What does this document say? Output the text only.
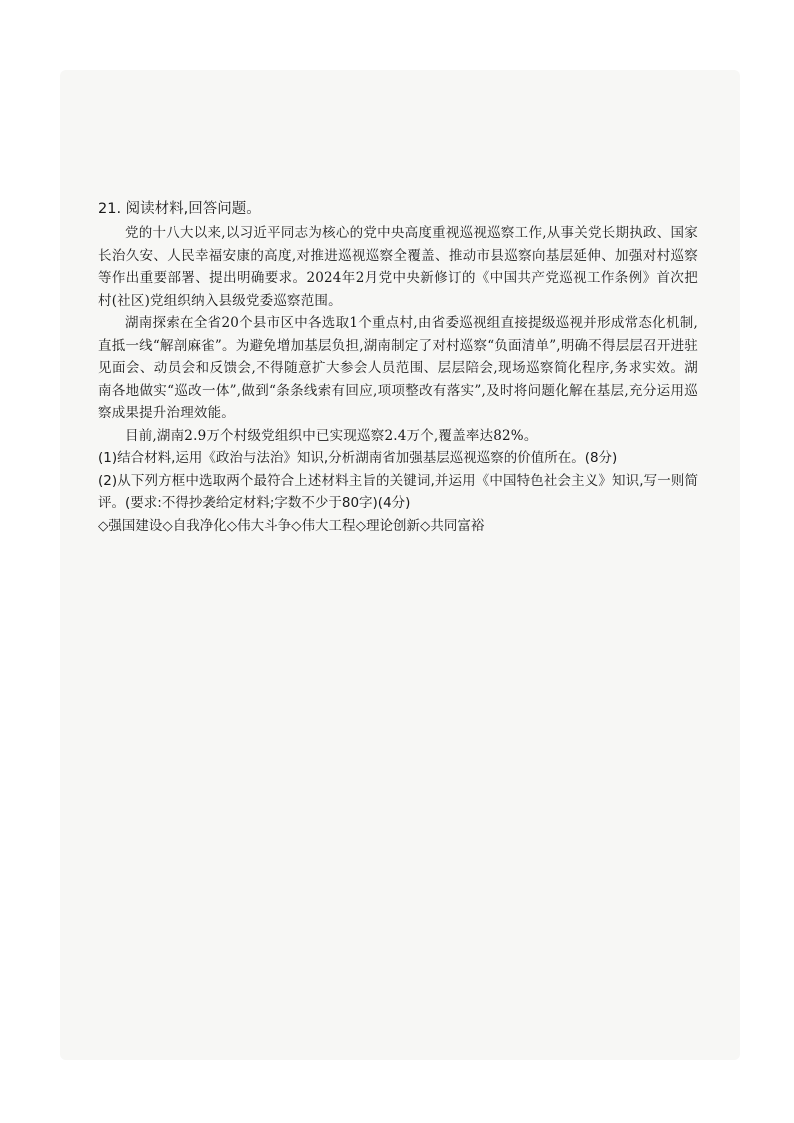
21. 阅读材料,回答问题。

党的十八大以来,以习近平同志为核心的党中央高度重视巡视巡察工作,从事关党长期执政、国家长治久安、人民幸福安康的高度,对推进巡视巡察全覆盖、推动市县巡察向基层延伸、加强对村巡察等作出重要部署、提出明确要求。2024年2月党中央新修订的《中国共产党巡视工作条例》首次把村(社区)党组织纳入县级党委巡察范围。

湖南探索在全省20个县市区中各选取1个重点村,由省委巡视组直接提级巡视并形成常态化机制,直抵一线“解剖麻雀”。为避免增加基层负担,湖南制定了对村巡察“负面清单”,明确不得层层召开进驻见面会、动员会和反馈会,不得随意扩大参会人员范围、层层陪会,现场巡察简化程序,务求实效。湖南各地做实“巡改一体”,做到“条条线索有回应,项项整改有落实”,及时将问题化解在基层,充分运用巡察成果提升治理效能。

目前,湖南2.9万个村级党组织中已实现巡察2.4万个,覆盖率达82%。

(1)结合材料,运用《政治与法治》知识,分析湖南省加强基层巡视巡察的价值所在。(8分)

(2)从下列方框中选取两个最符合上述材料主旨的关键词,并运用《中国特色社会主义》知识,写一则简评。(要求:不得抄袭给定材料;字数不少于80字)(4分)

◇强国建设 ◇自我净化 ◇伟大斗争 ◇伟大工程 ◇理论创新 ◇共同富裕
